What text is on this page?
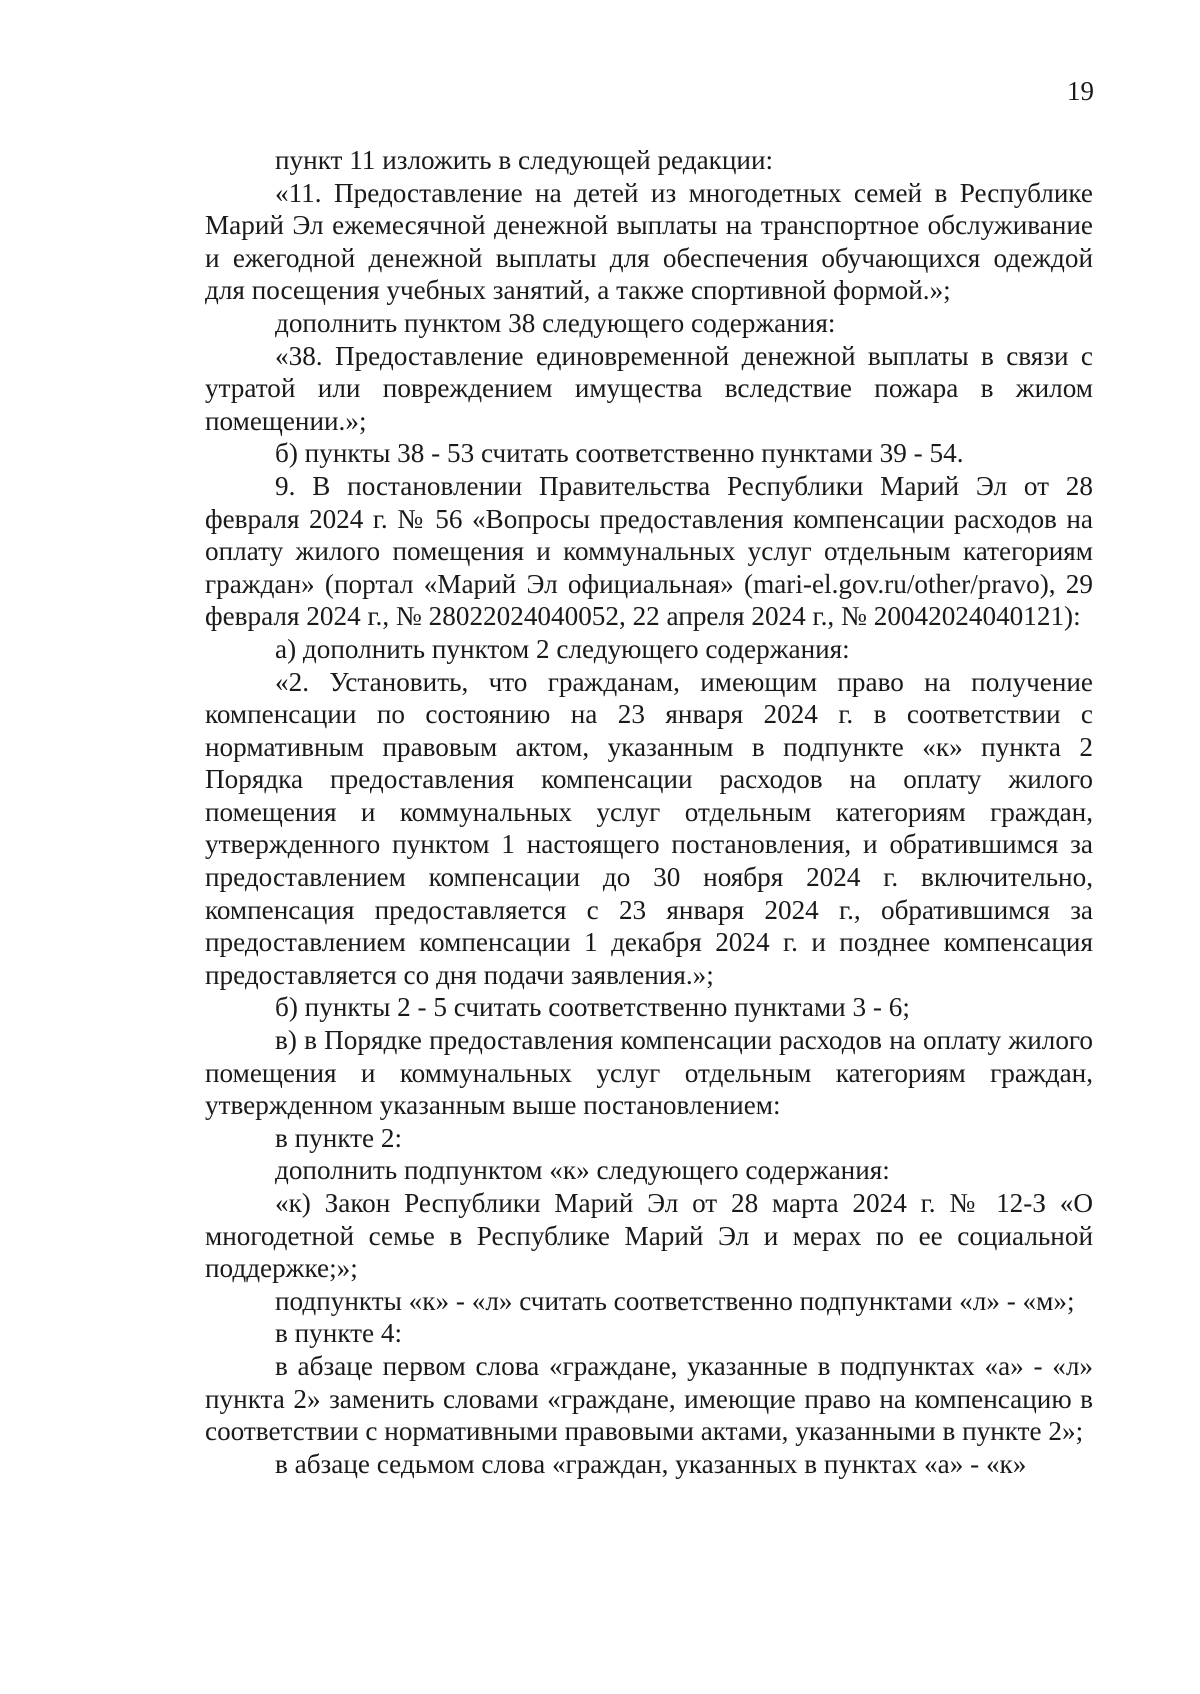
19

пункт 11 изложить в следующей редакции:

«11. Предоставление на детей из многодетных семей в Республике Марий Эл ежемесячной денежной выплаты на транспортное обслуживание и ежегодной денежной выплаты для обеспечения обучающихся одеждой для посещения учебных занятий, а также спортивной формой.»;

дополнить пунктом 38 следующего содержания:

«38. Предоставление единовременной денежной выплаты в связи с утратой или повреждением имущества вследствие пожара в жилом помещении.»;

б) пункты 38 - 53 считать соответственно пунктами 39 - 54.

9. В постановлении Правительства Республики Марий Эл от 28 февраля 2024 г. № 56 «Вопросы предоставления компенсации расходов на оплату жилого помещения и коммунальных услуг отдельным категориям граждан» (портал «Марий Эл официальная» (mari-el.gov.ru/other/pravo), 29 февраля 2024 г., № 28022024040052, 22 апреля 2024 г., № 20042024040121):

а) дополнить пунктом 2 следующего содержания:

«2. Установить, что гражданам, имеющим право на получение компенсации по состоянию на 23 января 2024 г. в соответствии с нормативным правовым актом, указанным в подпункте «к» пункта 2 Порядка предоставления компенсации расходов на оплату жилого помещения и коммунальных услуг отдельным категориям граждан, утвержденного пунктом 1 настоящего постановления, и обратившимся за предоставлением компенсации до 30 ноября 2024 г. включительно, компенсация предоставляется с 23 января 2024 г., обратившимся за предоставлением компенсации 1 декабря 2024 г. и позднее компенсация предоставляется со дня подачи заявления.»;

б) пункты 2 - 5 считать соответственно пунктами 3 - 6;

в) в Порядке предоставления компенсации расходов на оплату жилого помещения и коммунальных услуг отдельным категориям граждан, утвержденном указанным выше постановлением:

в пункте 2:

дополнить подпунктом «к» следующего содержания:

«к) Закон Республики Марий Эл от 28 марта 2024 г. № 12-З «О многодетной семье в Республике Марий Эл и мерах по ее социальной поддержке;»;

подпункты «к» - «л» считать соответственно подпунктами «л» - «м»;

в пункте 4:

в абзаце первом слова «граждане, указанные в подпунктах «а» - «л» пункта 2» заменить словами «граждане, имеющие право на компенсацию в соответствии с нормативными правовыми актами, указанными в пункте 2»;

в абзаце седьмом слова «граждан, указанных в пунктах «а» - «к»
